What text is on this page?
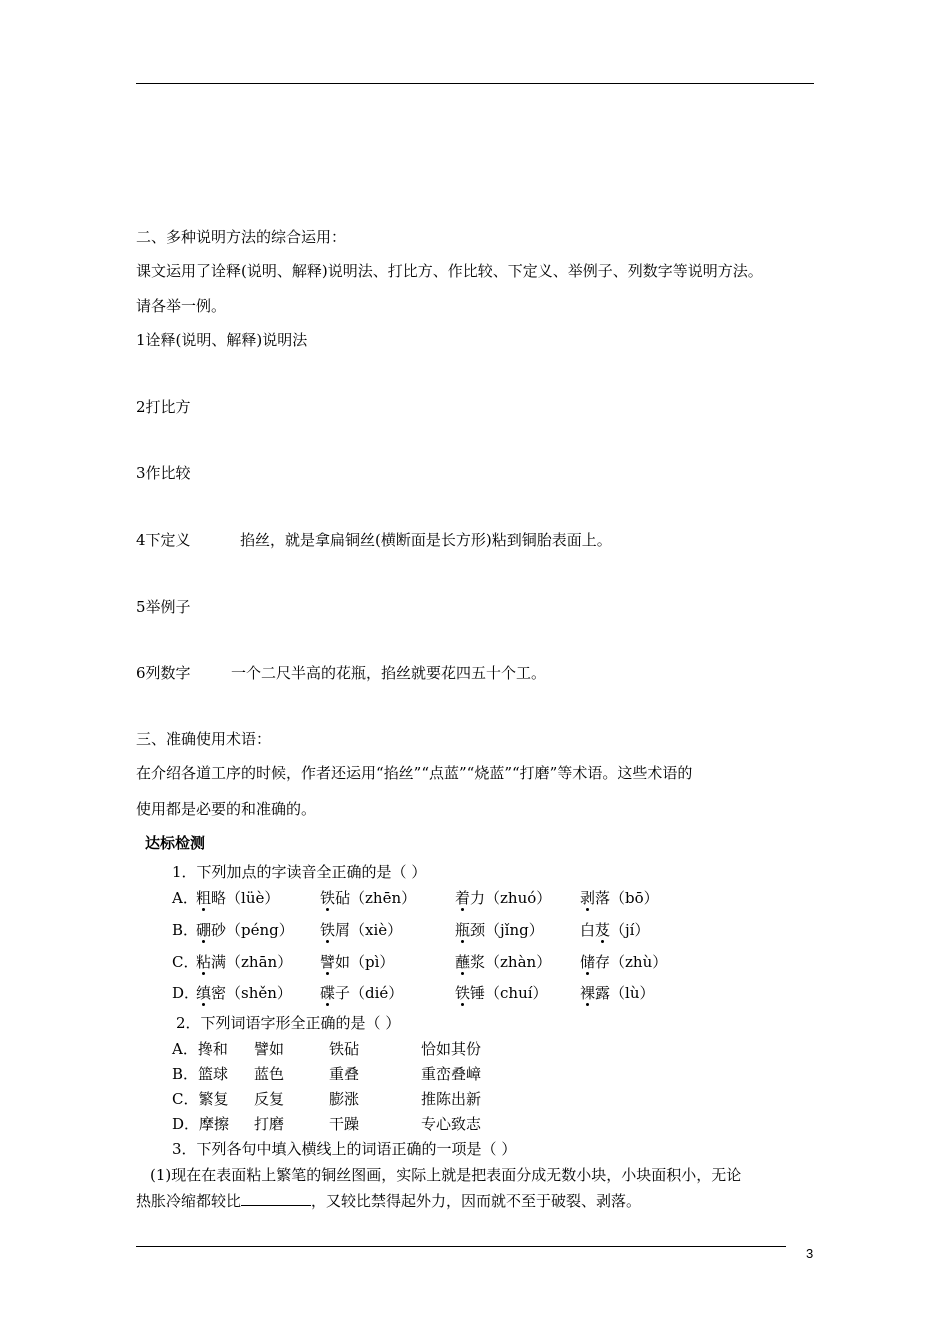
二、多种说明方法的综合运用：
课文运用了诠释(说明、解释)说明法、打比方、作比较、下定义、举例子、列数字等说明方法。
请各举一例。
1诠释(说明、解释)说明法
2打比方
3作比较
4下定义	掐丝，就是拿扁铜丝(横断面是长方形)粘到铜胎表面上。
5举例子
6列数字	一个二尺半高的花瓶，掐丝就要花四五十个工。
三、准确使用术语：
在介绍各道工序的时候，作者还运用“掐丝”“点蓝”“烧蓝”“打磨”等术语。这些术语的
使用都是必要的和准确的。
达标检测
1．下列加点的字读音全正确的是（ ）
A．
粗略（lüè）	铁砧（zhēn）	着力（zhuó） 剥落（bō）
B．
硼砂（péng） 铁屑（xiè）	瓶颈（jǐng） 白芨（jí）
C．
粘满（zhān） 譬如（pì）	蘸浆（zhàn） 储存（zhù）
D．
缜密（shěn） 碟子（dié）	铁锤（chuí） 裸露（lù）
2．下列词语字形全正确的是（ ）
A．搀和 譬如	铁砧	恰如其份
B．篮球 蓝色	重叠	重峦叠嶂
C．繁复 反复	膨涨	推陈出新
D．摩擦 打磨	干躁	专心致志
3．下列各句中填入横线上的词语正确的一项是（ ）
(1)现在在表面粘上繁笔的铜丝图画，实际上就是把表面分成无数小块，小块面积小，无论
热胀冷缩都较比	，又较比禁得起外力，因而就不至于破裂、剥落。
3
